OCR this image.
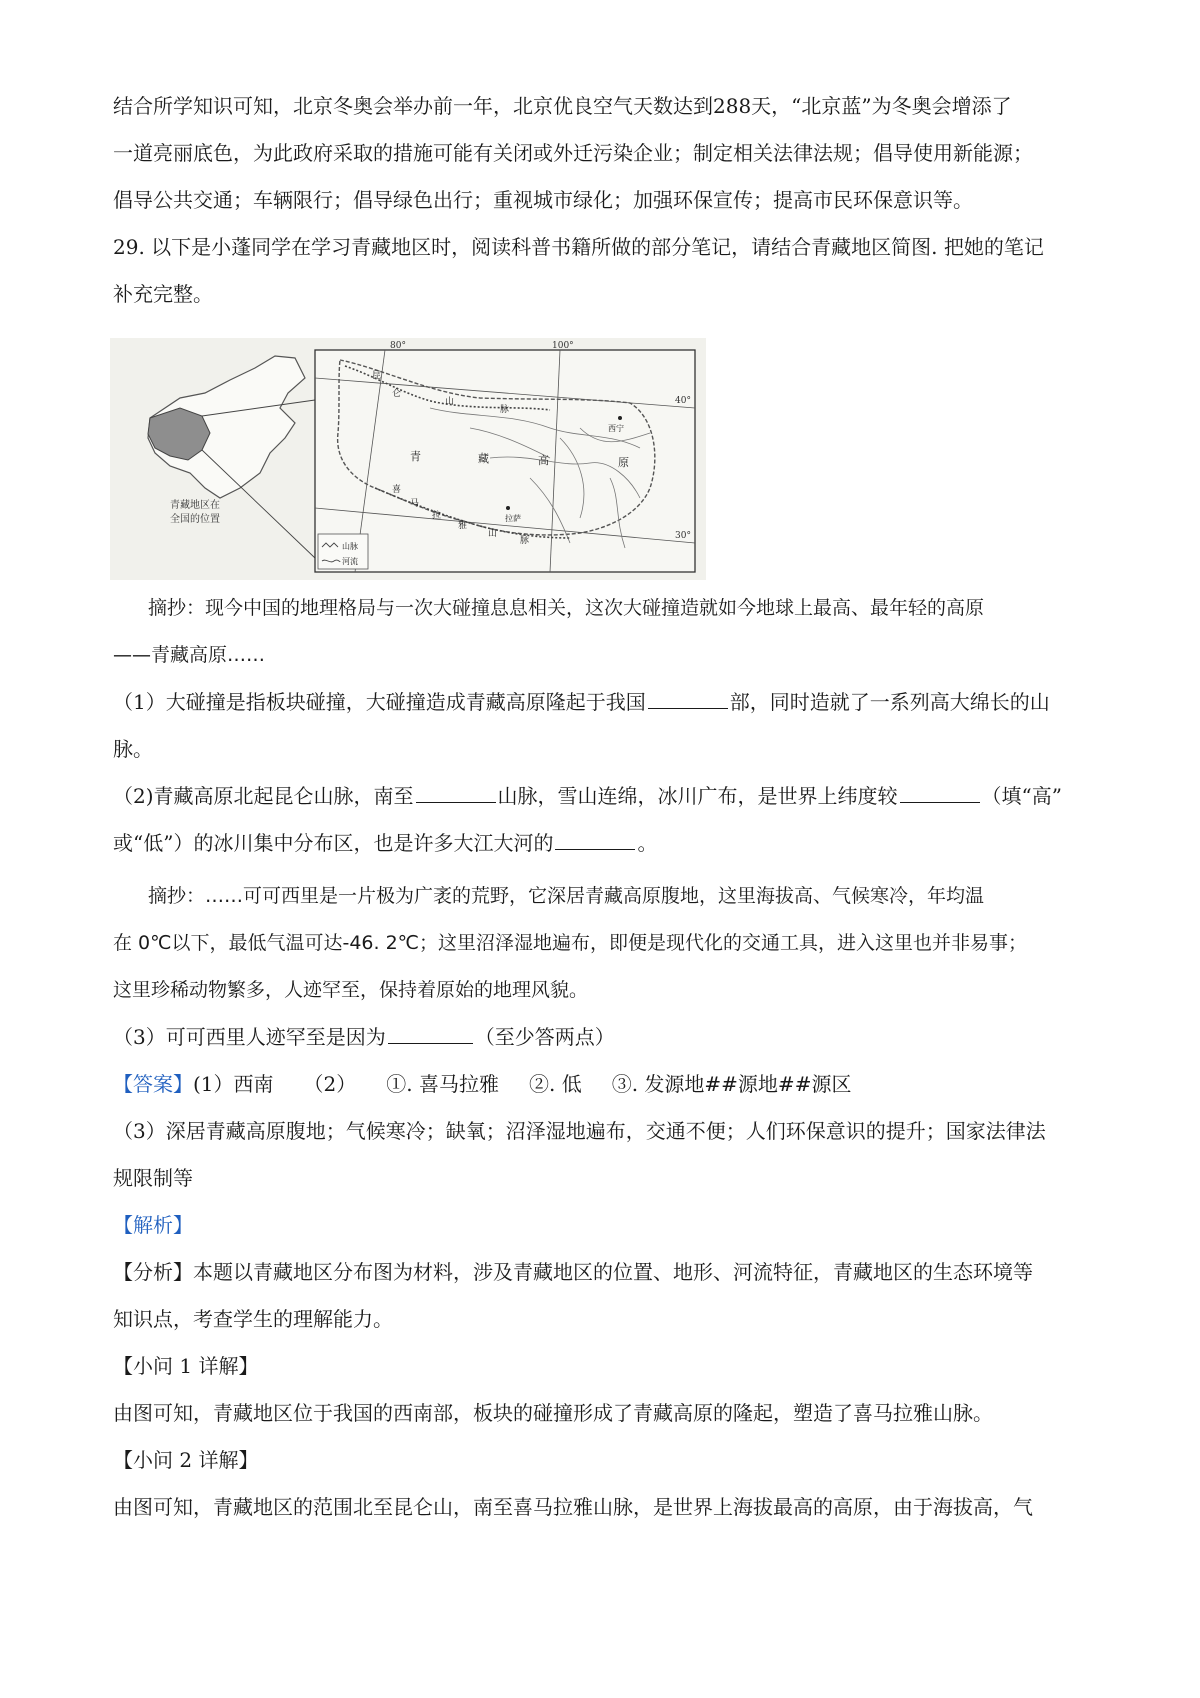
结合所学知识可知，北京冬奥会举办前一年，北京优良空气天数达到288天，“北京蓝”为冬奥会增添了
一道亮丽底色，为此政府采取的措施可能有关闭或外迁污染企业；制定相关法律法规；倡导使用新能源；
倡导公共交通；车辆限行；倡导绿色出行；重视城市绿化；加强环保宣传；提高市民环保意识等。
29. 以下是小蓬同学在学习青藏地区时，阅读科普书籍所做的部分笔记，请结合青藏地区简图. 把她的笔记
补充完整。
青藏地区在
全国的位置
80°	100°
40°
30°
青	藏	高	原
昆
仑
山
脉
喜
马
拉
雅
山
脉
拉萨
西宁
山脉
河流
摘抄：现今中国的地理格局与一次大碰撞息息相关，这次大碰撞造就如今地球上最高、最年轻的高原
——青藏高原……
（1）大碰撞是指板块碰撞，大碰撞造成青藏高原隆起于我国	部，同时造就了一系列高大绵长的山
脉。
（2)青藏高原北起昆仑山脉，南至	山脉，雪山连绵，冰川广布，是世界上纬度较	（填“高”
或“低”）的冰川集中分布区，也是许多大江大河的	。
摘抄：……可可西里是一片极为广袤的荒野，它深居青藏高原腹地，这里海拔高、气候寒冷，年均温
在 0℃以下，最低气温可达-46. 2℃；这里沼泽湿地遍布，即便是现代化的交通工具，进入这里也并非易事；
这里珍稀动物繁多，人迹罕至，保持着原始的地理风貌。
（3）可可西里人迹罕至是因为	（至少答两点）
【答案】(1）西南 （2） ①. 喜马拉雅 ②. 低 ③. 发源地##源地##源区
（3）深居青藏高原腹地；气候寒冷；缺氧；沼泽湿地遍布，交通不便；人们环保意识的提升；国家法律法
规限制等
【解析】
【分析】本题以青藏地区分布图为材料，涉及青藏地区的位置、地形、河流特征，青藏地区的生态环境等
知识点，考查学生的理解能力。
【小问 1 详解】
由图可知，青藏地区位于我国的西南部，板块的碰撞形成了青藏高原的隆起，塑造了喜马拉雅山脉。
【小问 2 详解】
由图可知，青藏地区的范围北至昆仑山，南至喜马拉雅山脉，是世界上海拔最高的高原，由于海拔高，气
